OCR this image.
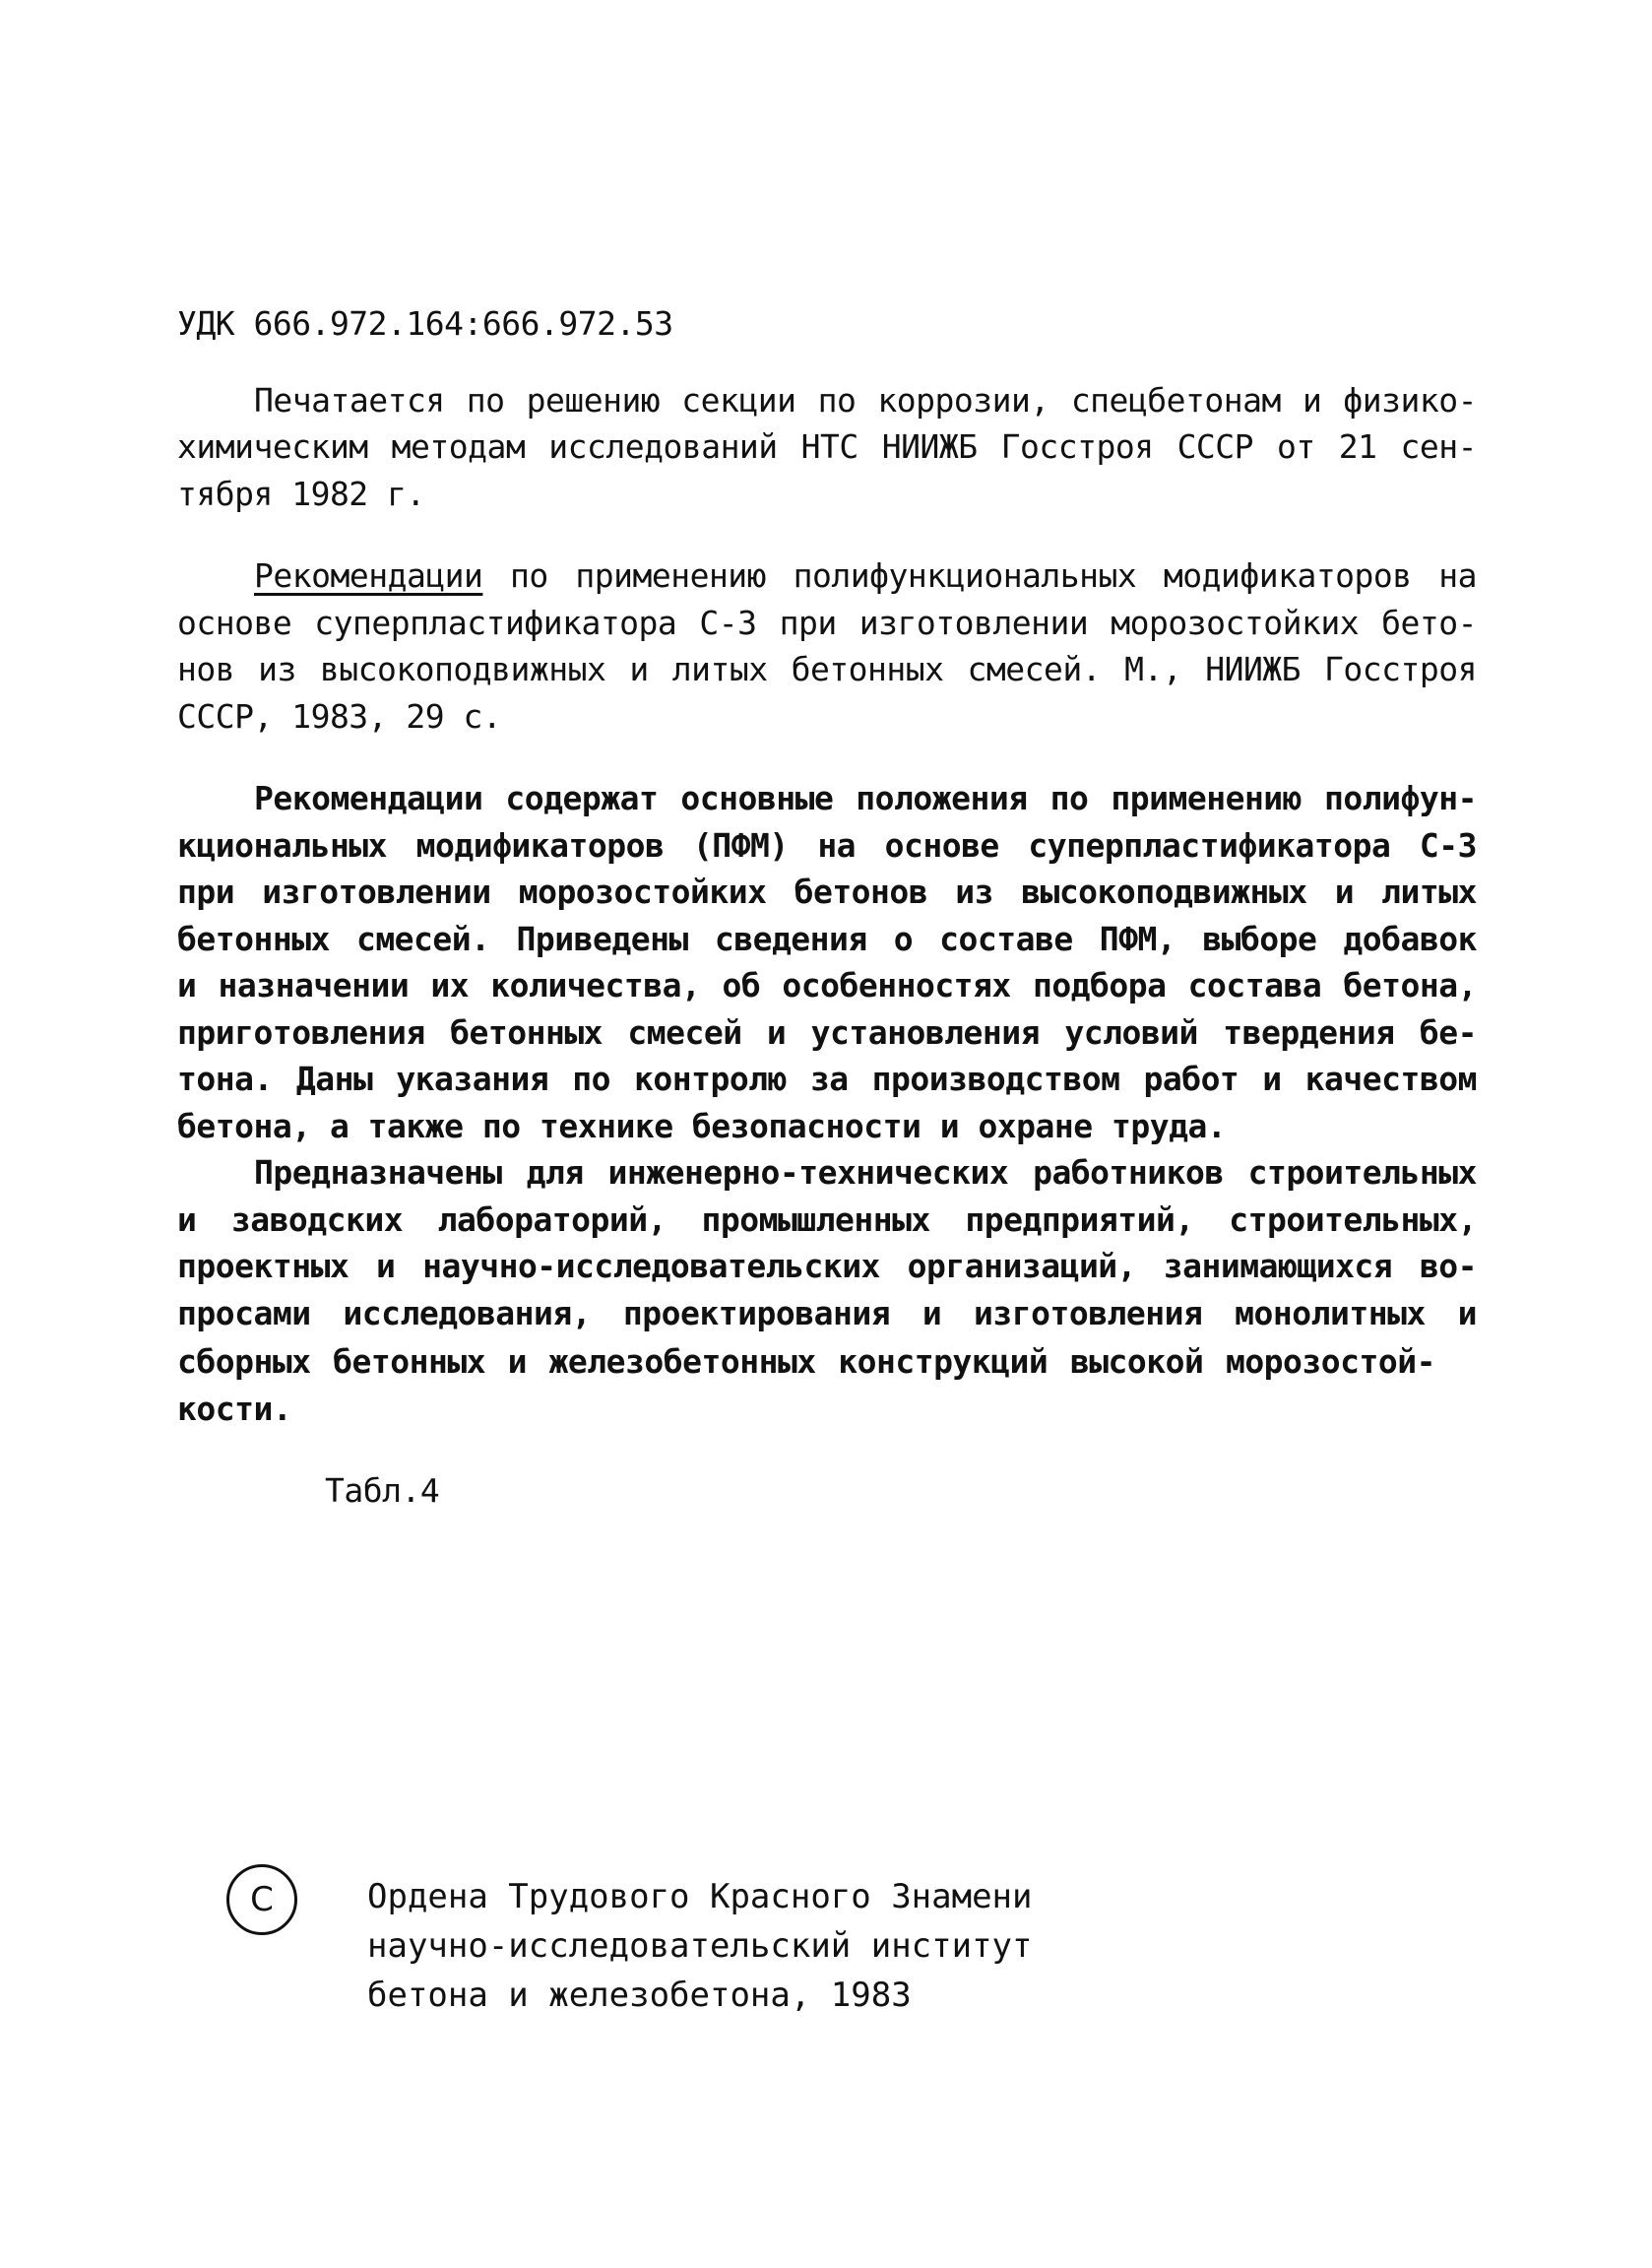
УДК 666.972.164:666.972.53
Печатается по решению секции по коррозии, спецбетонам и физико-
химическим методам исследований НТС НИИЖБ Госстроя СССР от 21 сен-
тября 1982 г.
Рекомендации по применению полифункциональных модификаторов на
основе суперпластификатора С-3 при изготовлении морозостойких бето-
нов из высокоподвижных и литых бетонных смесей. М., НИИЖБ Госстроя
СССР, 1983, 29 с.
Рекомендации содержат основные положения по применению полифун-
кциональных модификаторов (ПФМ) на основе суперпластификатора С-3
при изготовлении морозостойких бетонов из высокоподвижных и литых
бетонных смесей. Приведены сведения о составе ПФМ, выборе добавок
и назначении их количества, об особенностях подбора состава бетона,
приготовления бетонных смесей и установления условий твердения бе-
тона. Даны указания по контролю за производством работ и качеством
бетона, а также по технике безопасности и охране труда.
Предназначены для инженерно-технических работников строительных
и заводских лабораторий, промышленных предприятий, строительных,
проектных и научно-исследовательских организаций, занимающихся во-
просами исследования, проектирования и изготовления монолитных и
сборных бетонных и железобетонных конструкций высокой морозостой-
кости.
Табл.4
С	Ордена Трудового Красного Знамени
научно-исследовательский институт
бетона и железобетона, 1983
